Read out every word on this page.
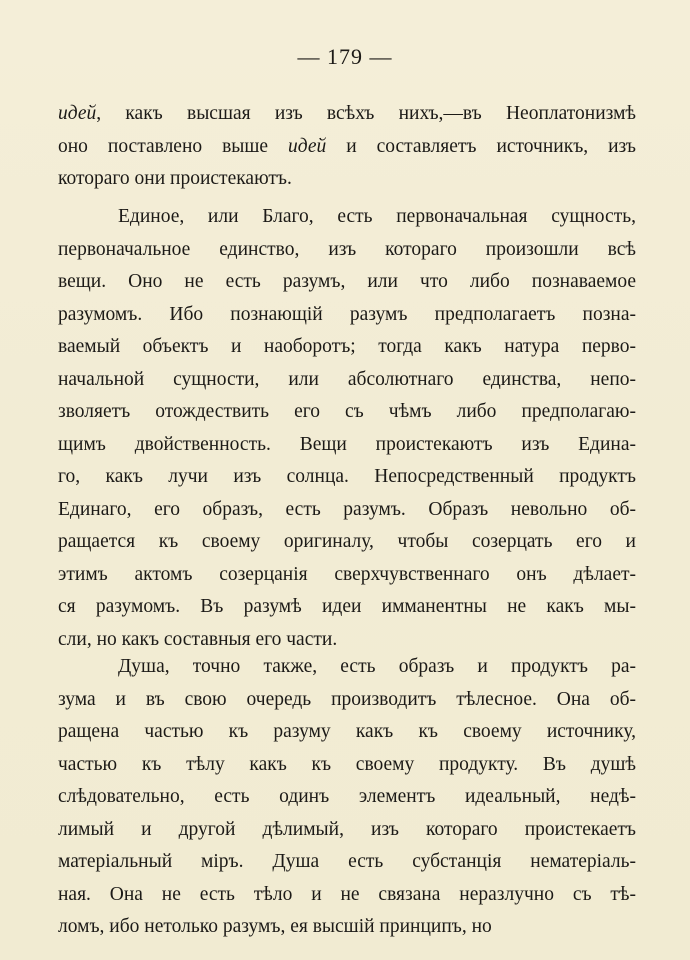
— 179 —
идей, какъ высшая изъ всѣхъ нихъ,—въ Неоплатонизмѣ
оно поставлено выше идей и составляетъ источникъ, изъ
котораго они проистекаютъ.
Единое, или Благо, есть первоначальная сущность,
первоначальное единство, изъ котораго произошли всѣ
вещи. Оно не есть разумъ, или что либо познаваемое
разумомъ. Ибо познающій разумъ предполагаетъ позна-
ваемый объектъ и наоборотъ; тогда какъ натура перво-
начальной сущности, или абсолютнаго единства, непо-
зволяетъ отождествить его съ чѣмъ либо предполагаю-
щимъ двойственность. Вещи проистекаютъ изъ Едина-
го, какъ лучи изъ солнца. Непосредственный продуктъ
Единаго, его образъ, есть разумъ. Образъ невольно об-
ращается къ своему оригиналу, чтобы созерцать его и
этимъ актомъ созерцанія сверхчувственнаго онъ дѣлает-
ся разумомъ. Въ разумѣ идеи имманентны не какъ мы-
сли, но какъ составныя его части.
Душа, точно также, есть образъ и продуктъ ра-
зума и въ свою очередь производитъ тѣлесное. Она об-
ращена частью къ разуму какъ къ своему источнику,
частью къ тѣлу какъ къ своему продукту. Въ душѣ
слѣдовательно, есть одинъ элементъ идеальный, недѣ-
лимый и другой дѣлимый, изъ котораго проистекаетъ
матеріальный міръ. Душа есть субстанція нематеріаль-
ная. Она не есть тѣло и не связана неразлучно съ тѣ-
ломъ, ибо нетолько разумъ, ея высшій принципъ, но
